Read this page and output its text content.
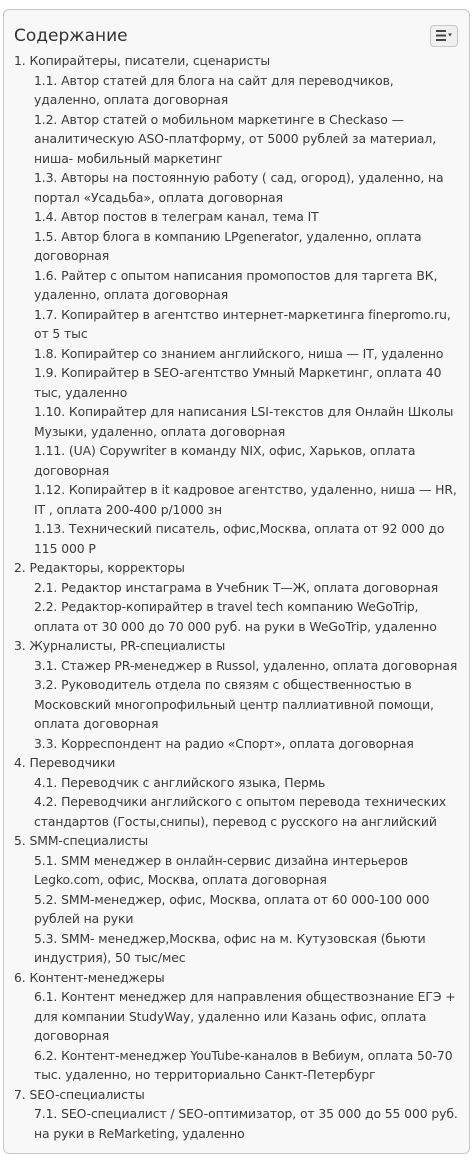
Содержание
1. Копирайтеры, писатели, сценаристы
1.1. Автор статей для блога на сайт для переводчиков, удаленно, оплата договорная
1.2. Автор статей о мобильном маркетинге в Checkaso — аналитическую ASO-платформу, от 5000 рублей за материал, ниша- мобильный маркетинг
1.3. Авторы на постоянную работу ( сад, огород), удаленно, на портал «Усадьба», оплата договорная
1.4. Автор постов в телеграм канал, тема IT
1.5. Автор блога в компанию LPgenerator, удаленно, оплата договорная
1.6. Райтер с опытом написания промопостов для таргета ВК, удаленно, оплата договорная
1.7. Копирайтер в агентство интернет-маркетинга finepromo.ru, от 5 тыс
1.8. Копирайтер со знанием английского, ниша — IT, удаленно
1.9. Копирайтер в SEO-агентство Умный Маркетинг, оплата 40 тыс, удаленно
1.10. Копирайтер для написания LSI-текстов для Онлайн Школы Музыки, удаленно, оплата договорная
1.11. (UA) Copywriter в команду NIX, офис, Харьков, оплата договорная
1.12. Копирайтер в it кадровое агентство, удаленно, ниша — HR, IT , оплата 200-400 р/1000 зн
1.13. Технический писатель, офис,Москва, оплата от 92 000 до 115 000 Р
2. Редакторы, корректоры
2.1. Редактор инстаграма в Учебник Т—Ж, оплата договорная
2.2. Редактор-копирайтер в travel tech компанию WeGoTrip, оплата от 30 000 до 70 000 руб. на руки в WeGoTrip, удаленно
3. Журналисты, PR-специалисты
3.1. Стажер PR-менеджер в Russol, удаленно, оплата договорная
3.2. Руководитель отдела по связям с общественностью в Московский многопрофильный центр паллиативной помощи, оплата договорная
3.3. Корреспондент на радио «Спорт», оплата договорная
4. Переводчики
4.1. Переводчик с английского языка, Пермь
4.2. Переводчики английского с опытом перевода технических стандартов (Госты,снипы), перевод с русского на английский
5. SMM-специалисты
5.1. SMM менеджер в онлайн-сервис дизайна интерьеров Legko.com, офис, Москва, оплата договорная
5.2. SMM-менеджер, офис, Москва, оплата от 60 000-100 000 рублей на руки
5.3. SMM- менеджер,Москва, офис на м. Кутузовская (бьюти индустрия), 50 тыс/мес
6. Контент-менеджеры
6.1. Контент менеджер для направления обществознание ЕГЭ + для компании StudyWay, удаленно или Казань офис, оплата договорная
6.2. Контент-менеджер YouTube-каналов в Вебиум, оплата 50-70 тыс. удаленно, но территориально Санкт-Петербург
7. SEO-специалисты
7.1. SEO-специалист / SEO-оптимизатор, от 35 000 до 55 000 руб. на руки в ReMarketing, удаленно
